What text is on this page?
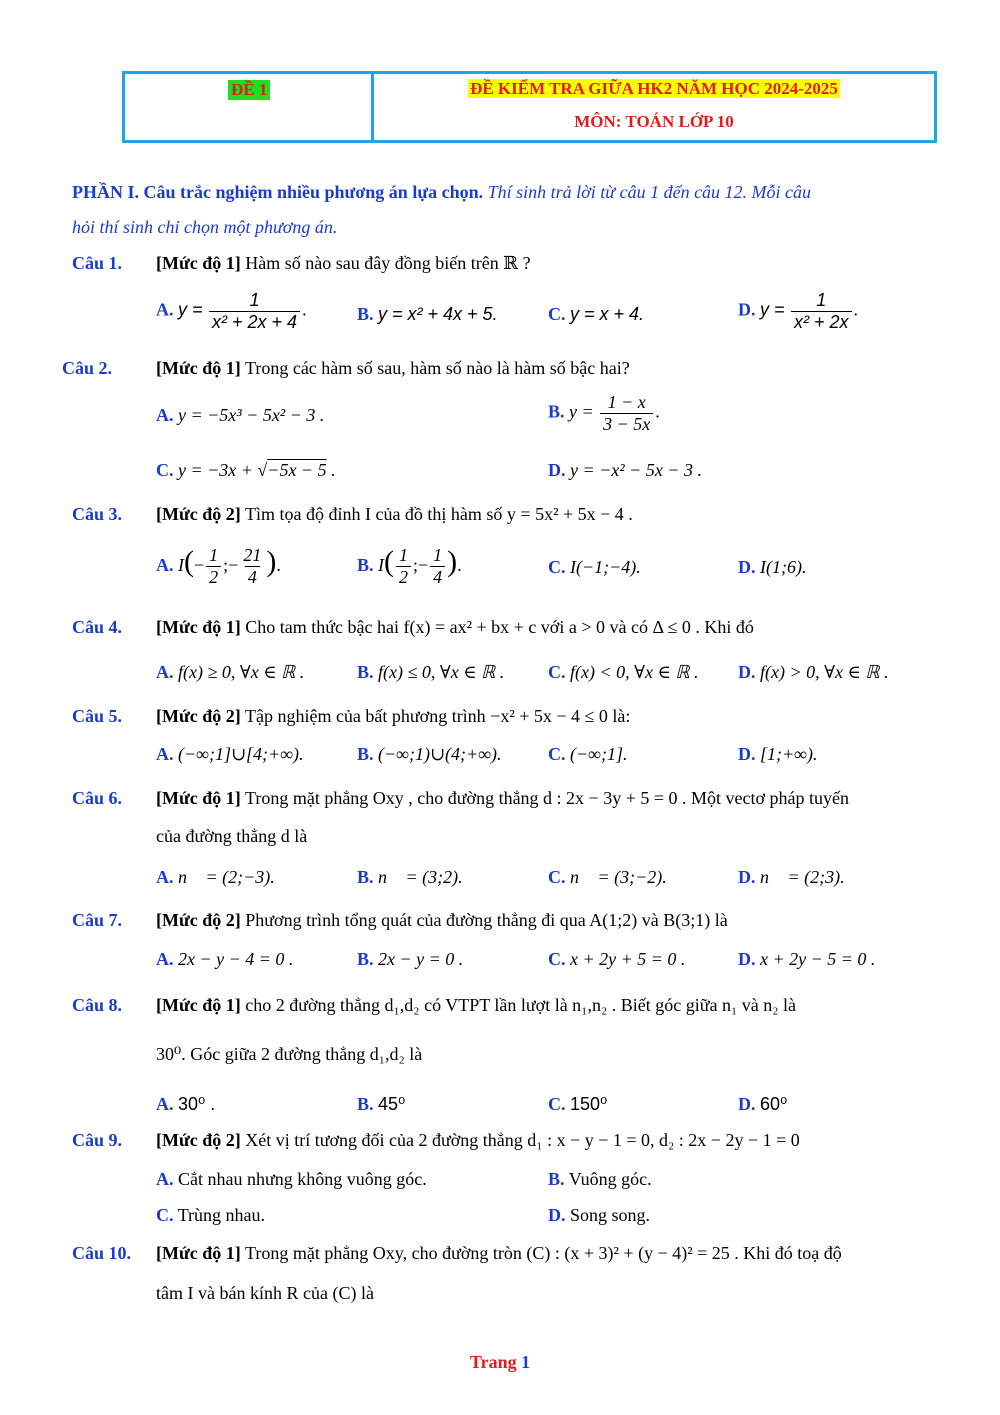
ĐỀ 1	ĐỀ KIỂM TRA GIỮA HK2 NĂM HỌC 2024-2025
MÔN: TOÁN LỚP 10
PHẦN I. Câu trắc nghiệm nhiều phương án lựa chọn. Thí sinh trả lời từ câu 1 đến câu 12. Mỗi câu
hỏi thí sinh chỉ chọn một phương án.
Câu 1. [Mức độ 1] Hàm số nào sau đây đồng biến trên ℝ ?
A. $y = \frac{1}{\text{x² + 2x + 4}}$ .	B. y = x² + 4x + 5.	C. y = x + 4.	D. $y = \frac{1}{\text{x² + 2x}}$ .
Câu 2. [Mức độ 1] Trong các hàm số sau, hàm số nào là hàm số bậc hai?
A. y = −5x³ − 5x² − 3 .	B. $y = \frac{1 - x}{3 - 5x}$ .
C. y = −3x + √−5x − 5 .	D. y = −x² − 5x − 3 .
Câu 3. [Mức độ 2] Tìm tọa độ đỉnh I của đồ thị hàm số y = 5x² + 5x − 4 .
A. $I(- \frac{1}{2}$ ;− $\frac{21}{4}$ ).	B. $I( \frac{1}{2}$ ;− $\frac{1}{4}$ ).	C. I(−1;−4).	D. I(1;6).
Câu 4. [Mức độ 1] Cho tam thức bậc hai f(x) = ax² + bx + c với a > 0 và có Δ ≤ 0 . Khi đó
A. f(x) ≥ 0, ∀x ∈ ℝ .	B. f(x) ≤ 0, ∀x ∈ ℝ . C. f(x) < 0, ∀x ∈ ℝ . D. f(x) > 0, ∀x ∈ ℝ .
Câu 5. [Mức độ 2] Tập nghiệm của bất phương trình −x² + 5x − 4 ≤ 0 là:
A. (−∞;1]∪[4;+∞).	B. (−∞;1)∪(4;+∞).	C. (−∞;1].	D. [1;+∞).
Câu 6. [Mức độ 1] Trong mặt phẳng Oxy , cho đường thẳng d : 2x − 3y + 5 = 0 . Một vectơ pháp tuyến
của đường thẳng d là
A. n⃗ = (2;−3).	B. n⃗ = (3;2).	C. n⃗ = (3;−2).	D. n⃗ = (2;3).
Câu 7. [Mức độ 2] Phương trình tổng quát của đường thẳng đi qua A(1;2) và B(3;1) là
A. 2x − y − 4 = 0 .	B. 2x − y = 0 .	C. x + 2y + 5 = 0 .	D. x + 2y − 5 = 0 .
Câu 8. [Mức độ 1] cho 2 đường thẳng d₁,d₂ có VTPT lần lượt là n₁,n₂ . Biết góc giữa n₁ và n₂ là
30⁰. Góc giữa 2 đường thẳng d₁,d₂ là
A. 30⁰ .	B. 45⁰	C. 150⁰	D. 60⁰
Câu 9. [Mức độ 2] Xét vị trí tương đối của 2 đường thẳng d₁ : x − y − 1 = 0, d₂ : 2x − 2y − 1 = 0
A. Cắt nhau nhưng không vuông góc.	B. Vuông góc.
C. Trùng nhau.	D. Song song.
Câu 10. [Mức độ 1] Trong mặt phẳng Oxy, cho đường tròn (C) : (x + 3)² + (y − 4)² = 25 . Khi đó toạ độ
tâm I và bán kính R của (C) là
Trang 1
